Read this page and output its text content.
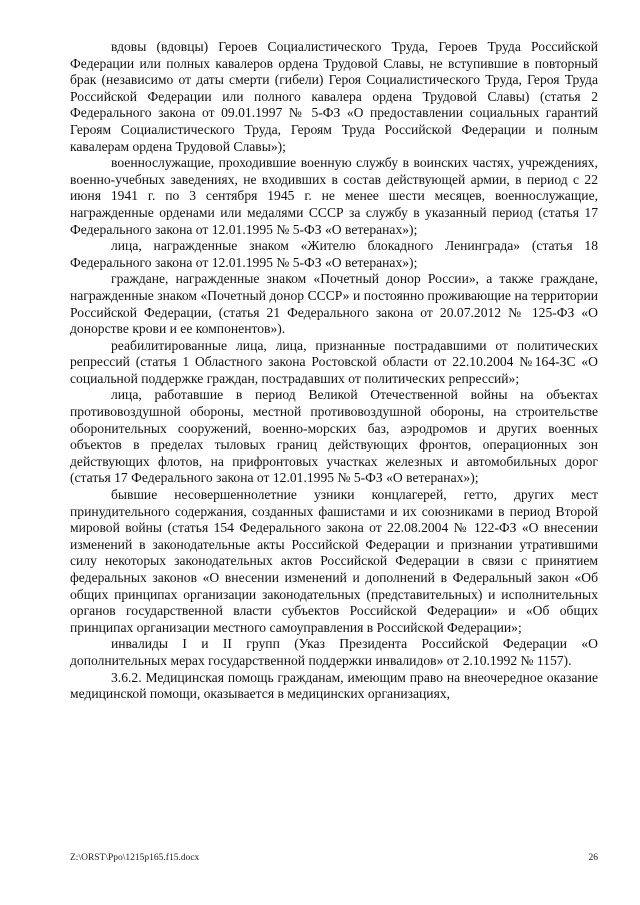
вдовы (вдовцы) Героев Социалистического Труда, Героев Труда Российской Федерации или полных кавалеров ордена Трудовой Славы, не вступившие в повторный брак (независимо от даты смерти (гибели) Героя Социалистического Труда, Героя Труда Российской Федерации или полного кавалера ордена Трудовой Славы) (статья 2 Федерального закона от 09.01.1997 № 5-ФЗ «О предоставлении социальных гарантий Героям Социалистического Труда, Героям Труда Российской Федерации и полным кавалерам ордена Трудовой Славы»);

военнослужащие, проходившие военную службу в воинских частях, учреждениях, военно-учебных заведениях, не входивших в состав действующей армии, в период с 22 июня 1941 г. по 3 сентября 1945 г. не менее шести месяцев, военнослужащие, награжденные орденами или медалями СССР за службу в указанный период (статья 17 Федерального закона от 12.01.1995 № 5-ФЗ «О ветеранах»);

лица, награжденные знаком «Жителю блокадного Ленинграда» (статья 18 Федерального закона от 12.01.1995 № 5-ФЗ «О ветеранах»);

граждане, награжденные знаком «Почетный донор России», а также граждане, награжденные знаком «Почетный донор СССР» и постоянно проживающие на территории Российской Федерации, (статья 21 Федерального закона от 20.07.2012 № 125-ФЗ «О донорстве крови и ее компонентов»).

реабилитированные лица, лица, признанные пострадавшими от политических репрессий (статья 1 Областного закона Ростовской области от 22.10.2004 №164-ЗС «О социальной поддержке граждан, пострадавших от политических репрессий»;

лица, работавшие в период Великой Отечественной войны на объектах противовоздушной обороны, местной противовоздушной обороны, на строительстве оборонительных сооружений, военно-морских баз, аэродромов и других военных объектов в пределах тыловых границ действующих фронтов, операционных зон действующих флотов, на прифронтовых участках железных и автомобильных дорог (статья 17 Федерального закона от 12.01.1995 № 5-ФЗ «О ветеранах»);

бывшие несовершеннолетние узники концлагерей, гетто, других мест принудительного содержания, созданных фашистами и их союзниками в период Второй мировой войны (статья 154 Федерального закона от 22.08.2004 № 122-ФЗ «О внесении изменений в законодательные акты Российской Федерации и признании утратившими силу некоторых законодательных актов Российской Федерации в связи с принятием федеральных законов «О внесении изменений и дополнений в Федеральный закон «Об общих принципах организации законодательных (представительных) и исполнительных органов государственной власти субъектов Российской Федерации» и «Об общих принципах организации местного самоуправления в Российской Федерации»;

инвалиды I и II групп (Указ Президента Российской Федерации «О дополнительных мерах государственной поддержки инвалидов» от 2.10.1992 № 1157).

3.6.2. Медицинская помощь гражданам, имеющим право на внеочередное оказание медицинской помощи, оказывается в медицинских организациях,

Z:\ORST\Ppo\1215p165.f15.docx	26
